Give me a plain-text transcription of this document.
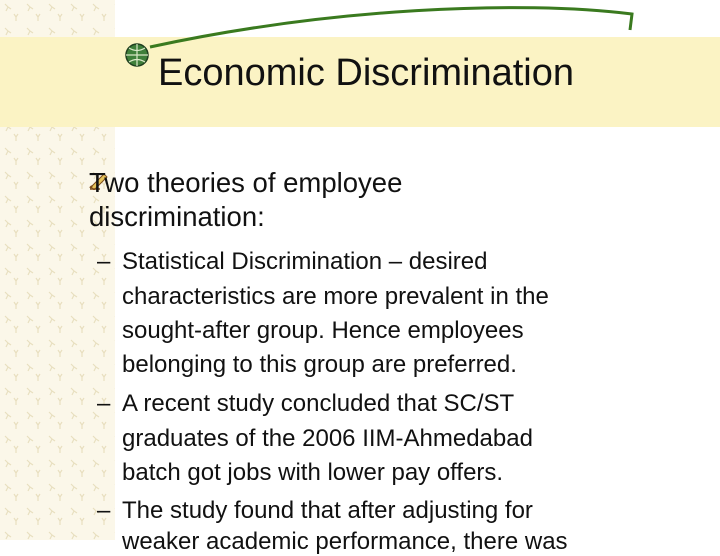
Economic Discrimination
Two theories of employee
discrimination:
– Statistical Discrimination – desired
characteristics are more prevalent in the
sought-after group. Hence employees
belonging to this group are preferred.
– A recent study concluded that SC/ST
graduates of the 2006 IIM-Ahmedabad
batch got jobs with lower pay offers.
– The study found that after adjusting for
weaker academic performance, there was
